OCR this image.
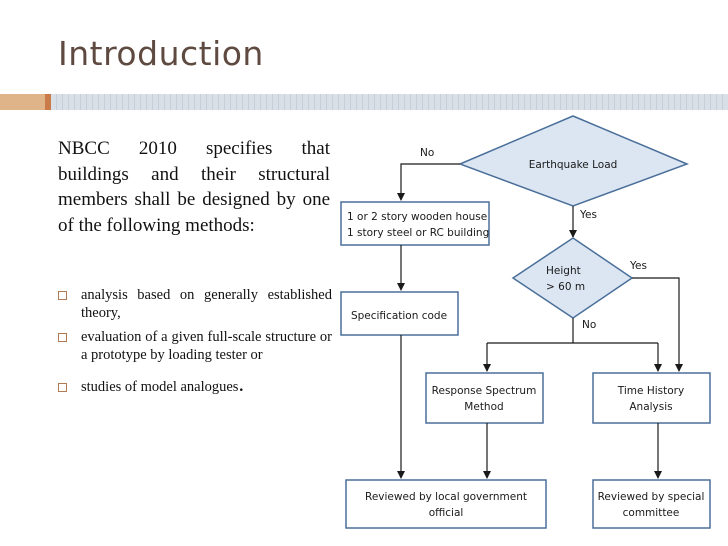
Introduction
NBCC 2010 specifies that buildings and their structural members shall be designed by one of the following methods:
analysis based on generally established theory,
evaluation of a given full-scale structure or a prototype by loading tester or
studies of model analogues.
Earthquake Load
No
Yes
1 or 2 story wooden house
1 story steel or RC building
Height
> 60 m
Yes
No
Specification code
Response Spectrum
Method
Time History
Analysis
Reviewed by local government
official
Reviewed by special
committee
